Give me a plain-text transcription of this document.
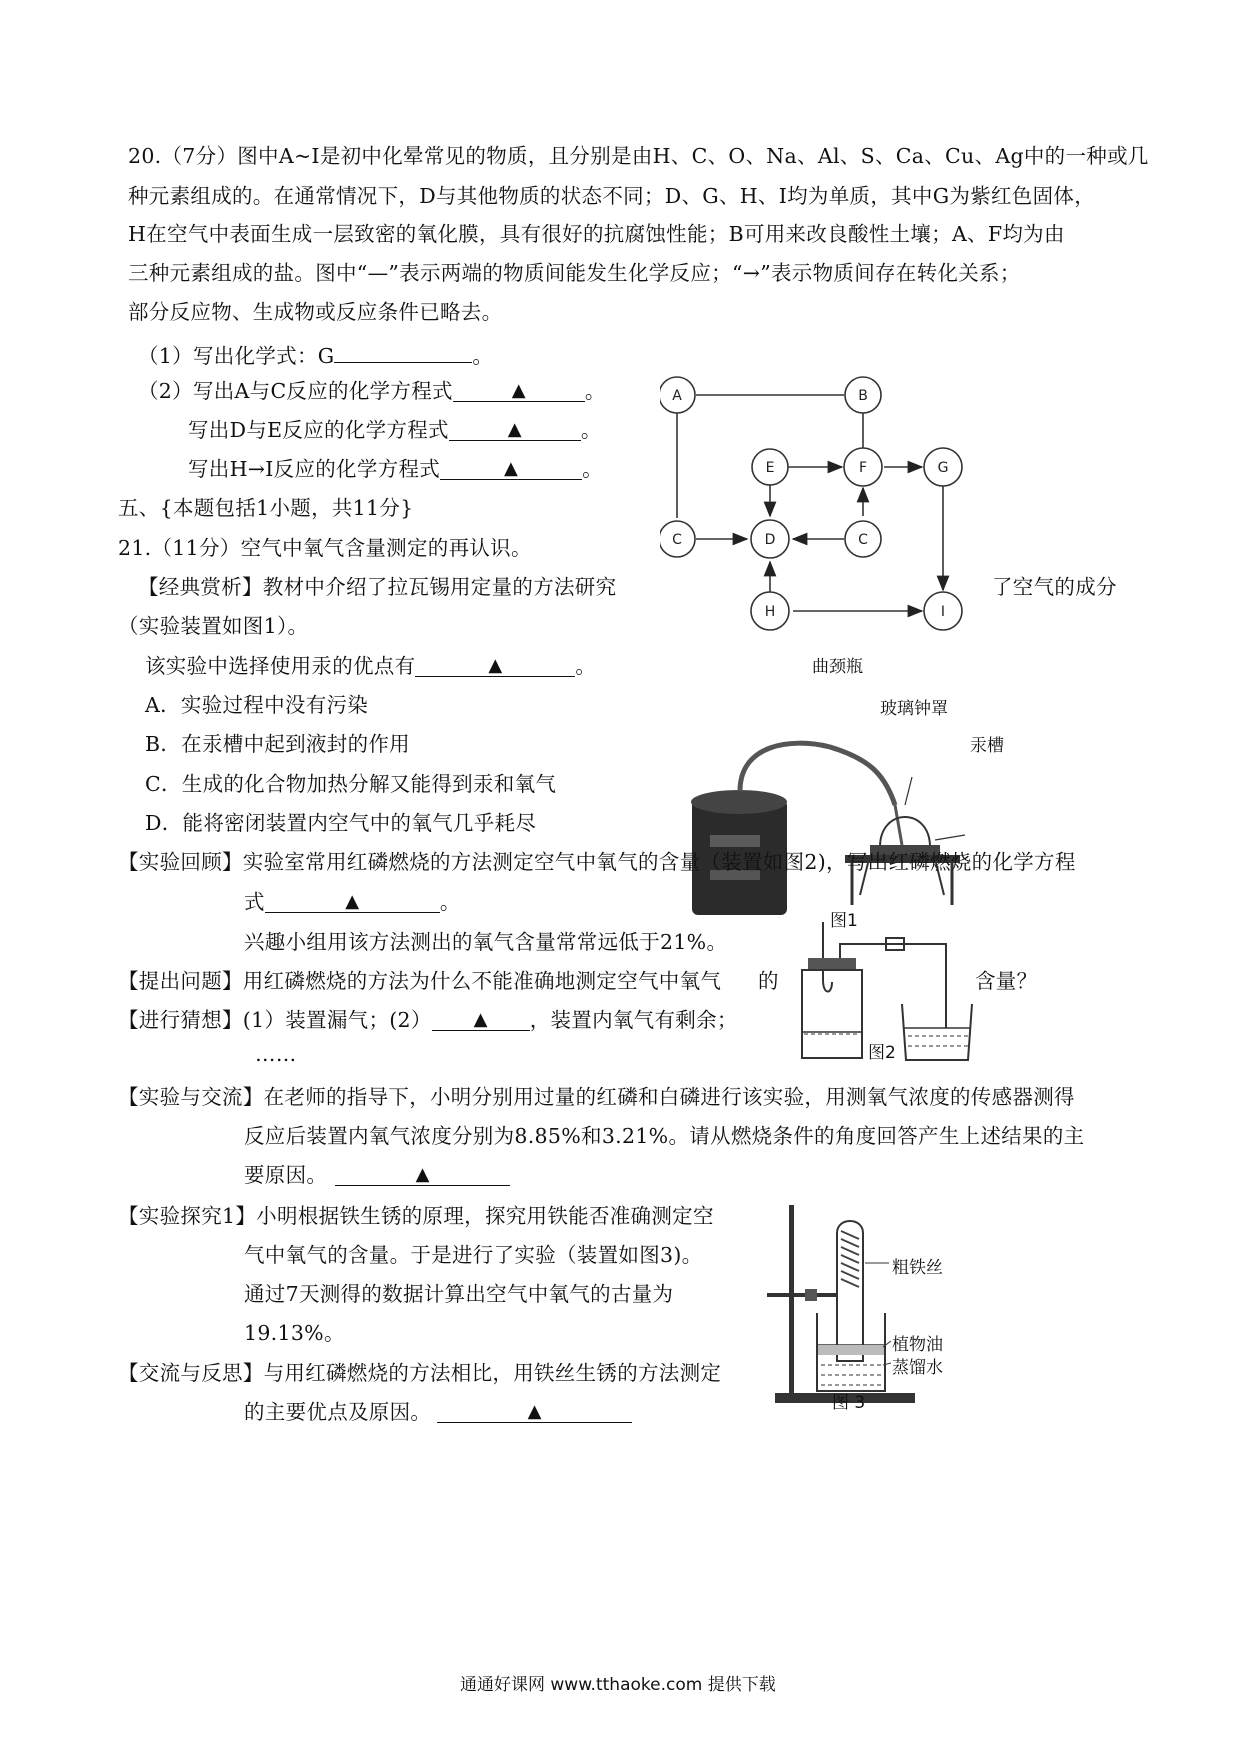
20.（7分）图中A~I是初中化晕常见的物质，且分别是由H、C、O、Na、Al、S、Ca、Cu、Ag中的一种或几
种元素组成的。在通常情况下，D与其他物质的状态不同；D、G、H、I均为单质，其中G为紫红色固体，
H在空气中表面生成一层致密的氧化膜，具有很好的抗腐蚀性能；B可用来改良酸性土壤；A、F均为由
三种元素组成的盐。图中“—”表示两端的物质间能发生化学反应；“→”表示物质间存在转化关系；
部分反应物、生成物或反应条件已略去。
（1）写出化学式：G	。
（2）写出A与C反应的化学方程式	▲	。
写出D与E反应的化学方程式	▲	。
写出H→I反应的化学方程式	▲	。
A	B
E	F	G
C	D	C
H	I
五、{本题包括1小题，共11分}
21.（11分）空气中氧气含量测定的再认识。
【经典赏析】教材中介绍了拉瓦锡用定量的方法研究	了空气的成分
（实验装置如图1）。
该实验中选择使用汞的优点有	▲	。
A．实验过程中没有污染
B．在汞槽中起到液封的作用
C．生成的化合物加热分解又能得到汞和氧气
D．能将密闭装置内空气中的氧气几乎耗尽
曲颈瓶
玻璃钟罩
汞槽
图1
【实验回顾】实验室常用红磷燃烧的方法测定空气中氧气的含量（装置如图2)，写出红磷燃烧的化学方程
式	▲	。
兴趣小组用该方法测出的氧气含量常常远低于21%。
【提出问题】用红磷燃烧的方法为什么不能准确地测定空气中氧气 的	含量？
【进行猜想】(1）装置漏气；(2） ▲ ，装置内氧气有剩余；
……	图2
【实验与交流】在老师的指导下，小明分别用过量的红磷和白磷进行该实验，用测氧气浓度的传感器测得
反应后装置内氧气浓度分别为8.85%和3.21%。请从燃烧条件的角度回答产生上述结果的主
要原因。	▲
【实验探究1】小明根据铁生锈的原理，探究用铁能否准确测定空
气中氧气的含量。于是进行了实验（装置如图3)。
通过7天测得的数据计算出空气中氧气的古量为
19.13%。
【交流与反思】与用红磷燃烧的方法相比，用铁丝生锈的方法测定
的主要优点及原因。	▲
粗铁丝
植物油
蒸馏水
图 3
通通好课网 www.tthaoke.com 提供下载
